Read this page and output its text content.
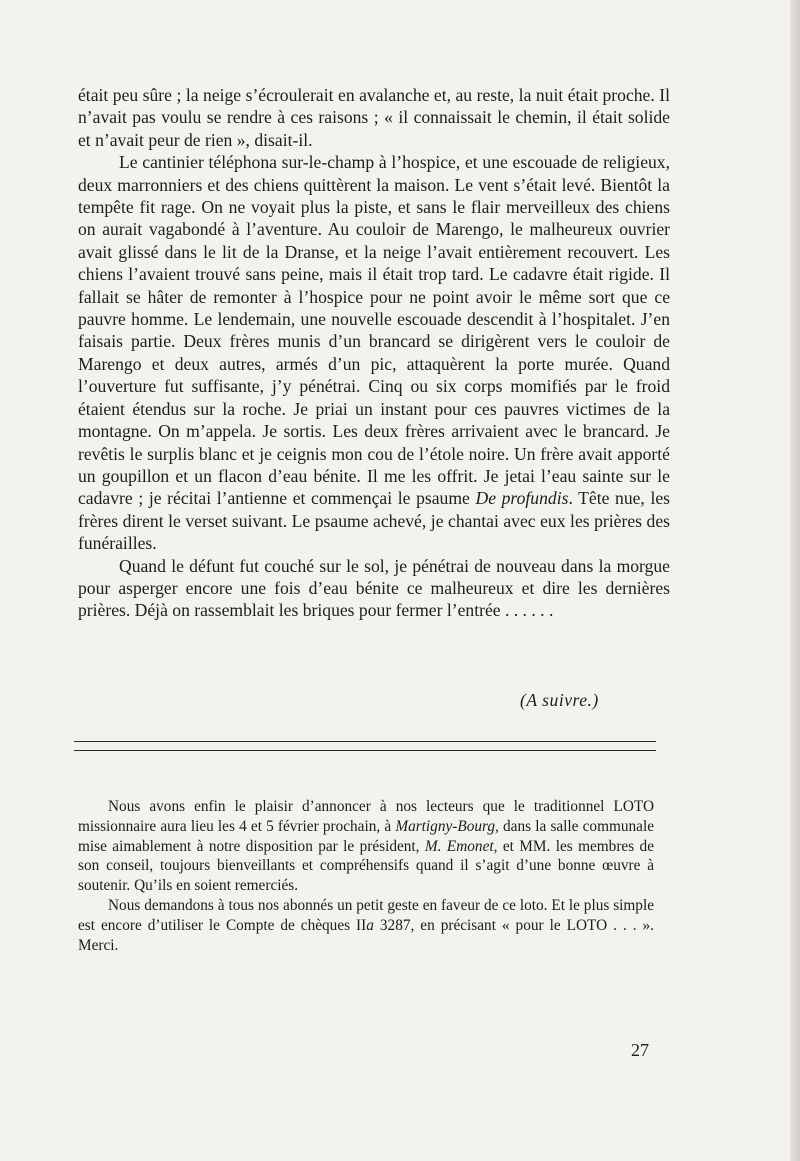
était peu sûre ; la neige s’écroulerait en avalanche et, au reste, la nuit était proche. Il n’avait pas voulu se rendre à ces raisons ; « il connaissait le chemin, il était solide et n’avait peur de rien », disait-il.

Le cantinier téléphona sur-le-champ à l’hospice, et une escouade de religieux, deux marronniers et des chiens quittèrent la maison. Le vent s’était levé. Bientôt la tempête fit rage. On ne voyait plus la piste, et sans le flair merveilleux des chiens on aurait vagabondé à l’aventure. Au couloir de Marengo, le malheureux ouvrier avait glissé dans le lit de la Dranse, et la neige l’avait entièrement recouvert. Les chiens l’avaient trouvé sans peine, mais il était trop tard. Le cadavre était rigide. Il fallait se hâter de remonter à l’hospice pour ne point avoir le même sort que ce pauvre homme. Le lendemain, une nouvelle escouade descendit à l’hospitalet. J’en faisais partie. Deux frères munis d’un brancard se dirigèrent vers le couloir de Marengo et deux autres, armés d’un pic, attaquèrent la porte murée. Quand l’ouverture fut suffisante, j’y pénétrai. Cinq ou six corps momifiés par le froid étaient étendus sur la roche. Je priai un instant pour ces pauvres victimes de la montagne. On m’appela. Je sortis. Les deux frères arrivaient avec le brancard. Je revêtis le surplis blanc et je ceignis mon cou de l’étole noire. Un frère avait apporté un goupillon et un flacon d’eau bénite. Il me les offrit. Je jetai l’eau sainte sur le cadavre ; je récitai l’antienne et commençai le psaume De profundis. Tête nue, les frères dirent le verset suivant. Le psaume achevé, je chantai avec eux les prières des funérailles.

Quand le défunt fut couché sur le sol, je pénétrai de nouveau dans la morgue pour asperger encore une fois d’eau bénite ce malheureux et dire les dernières prières. Déjà on rassemblait les briques pour fermer l’entrée . . . . . .

(A suivre.)

Nous avons enfin le plaisir d’annoncer à nos lecteurs que le traditionnel LOTO missionnaire aura lieu les 4 et 5 février prochain, à Martigny-Bourg, dans la salle communale mise aimablement à notre disposition par le président, M. Emonet, et MM. les membres de son conseil, toujours bienveillants et compréhensifs quand il s’agit d’une bonne œuvre à soutenir. Qu’ils en soient remerciés.

Nous demandons à tous nos abonnés un petit geste en faveur de ce loto. Et le plus simple est encore d’utiliser le Compte de chèques IIa 3287, en précisant « pour le LOTO . . . ». Merci.

27
